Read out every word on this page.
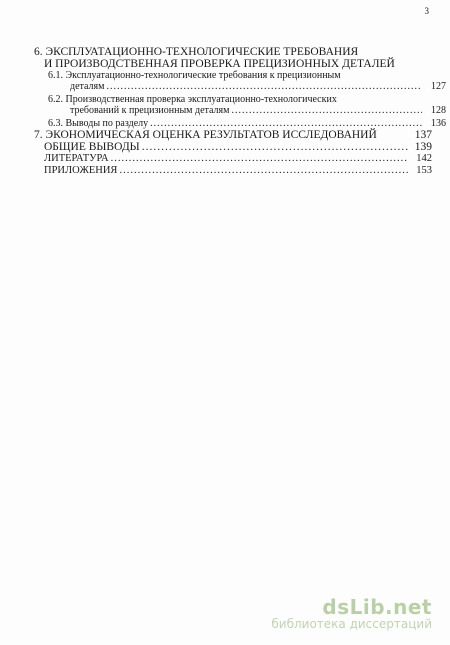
3
6. ЭКСПЛУАТАЦИОННО-ТЕХНОЛОГИЧЕСКИЕ ТРЕБОВАНИЯ
И ПРОИЗВОДСТВЕННАЯ ПРОВЕРКА ПРЕЦИЗИОННЫХ ДЕТАЛЕЙ
6.1. Эксплуатационно-технологические требования к прецизионным
деталям .....	127
6.2. Производственная проверка эксплуатационно-технологических
требований к прецизионным деталям .....	128
6.3. Выводы по разделу .....	136
7. ЭКОНОМИЧЕСКАЯ ОЦЕНКА РЕЗУЛЬТАТОВ ИССЛЕДОВАНИЙ	137
ОБЩИЕ ВЫВОДЫ .....	139
ЛИТЕРАТУРА .....	142
ПРИЛОЖЕНИЯ .....	153
dsLib.net
библиотека диссертаций
